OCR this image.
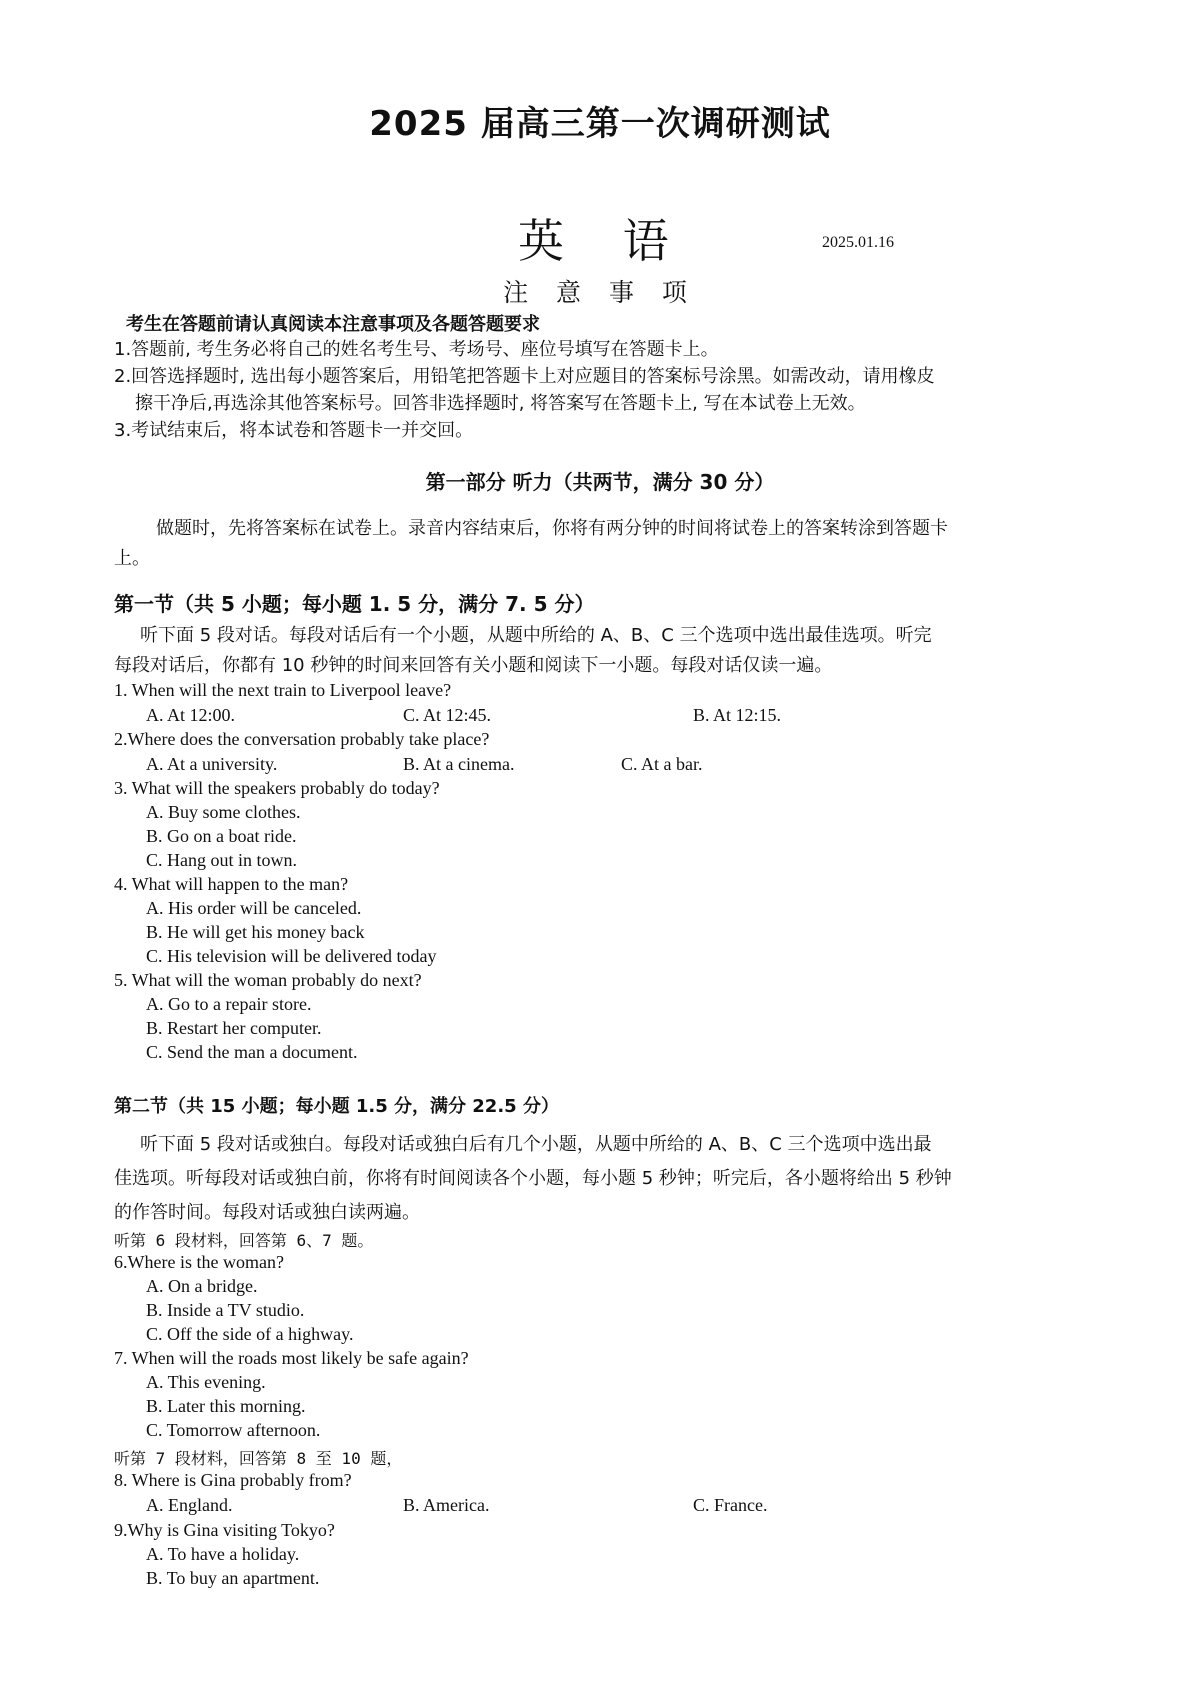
2025 届高三第一次调研测试
英 语	2025.01.16
注 意 事 项
考生在答题前请认真阅读本注意事项及各题答题要求
1.答题前, 考生务必将自己的姓名考生号、考场号、座位号填写在答题卡上。
2.回答选择题时, 选出每小题答案后，用铅笔把答题卡上对应题目的答案标号涂黑。如需改动，请用橡皮
擦干净后,再选涂其他答案标号。回答非选择题时, 将答案写在答题卡上, 写在本试卷上无效。
3.考试结束后，将本试卷和答题卡一并交回。
第一部分 听力（共两节，满分 30 分）
做题时，先将答案标在试卷上。录音内容结束后，你将有两分钟的时间将试卷上的答案转涂到答题卡
上。
第一节（共 5 小题；每小题 1. 5 分，满分 7. 5 分）
听下面 5 段对话。每段对话后有一个小题，从题中所给的 A、B、C 三个选项中选出最佳选项。听完
每段对话后，你都有 10 秒钟的时间来回答有关小题和阅读下一小题。每段对话仅读一遍。
1. When will the next train to Liverpool leave?
A. At 12:00.	C. At 12:45.	B. At 12:15.
2.Where does the conversation probably take place?
A. At a university.	B. At a cinema.	C. At a bar.
3. What will the speakers probably do today?
A. Buy some clothes.
B. Go on a boat ride.
C. Hang out in town.
4. What will happen to the man?
A. His order will be canceled.
B. He will get his money back
C. His television will be delivered today
5. What will the woman probably do next?
A. Go to a repair store.
B. Restart her computer.
C. Send the man a document.
第二节（共 15 小题；每小题 1.5 分，满分 22.5 分）
听下面 5 段对话或独白。每段对话或独白后有几个小题，从题中所给的 A、B、C 三个选项中选出最
佳选项。听每段对话或独白前，你将有时间阅读各个小题，每小题 5 秒钟；听完后，各小题将给出 5 秒钟
的作答时间。每段对话或独白读两遍。
听第 6 段材料，回答第 6、7 题。
6.Where is the woman?
A. On a bridge.
B. Inside a TV studio.
C. Off the side of a highway.
7. When will the roads most likely be safe again?
A. This evening.
B. Later this morning.
C. Tomorrow afternoon.
听第 7 段材料，回答第 8 至 10 题，
8. Where is Gina probably from?
A. England.	B. America.	C. France.
9.Why is Gina visiting Tokyo?
A. To have a holiday.
B. To buy an apartment.
